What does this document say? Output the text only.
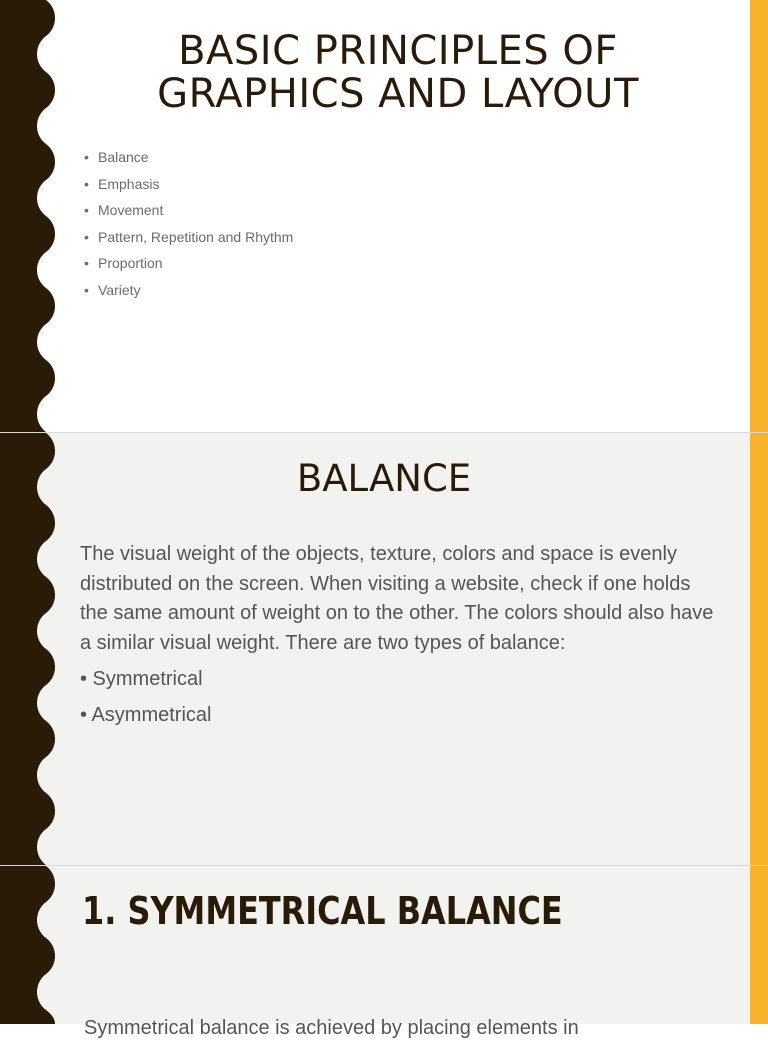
BASIC PRINCIPLES OF GRAPHICS AND LAYOUT
• Balance
• Emphasis
• Movement
• Pattern, Repetition and Rhythm
• Proportion
• Variety
BALANCE

The visual weight of the objects, texture, colors and space is evenly distributed on the screen. When visiting a website, check if one holds the same amount of weight on to the other. The colors should also have a similar visual weight. There are two types of balance:

• Symmetrical
• Asymmetrical
1. SYMMETRICAL BALANCE

Symmetrical balance is achieved by placing elements in
